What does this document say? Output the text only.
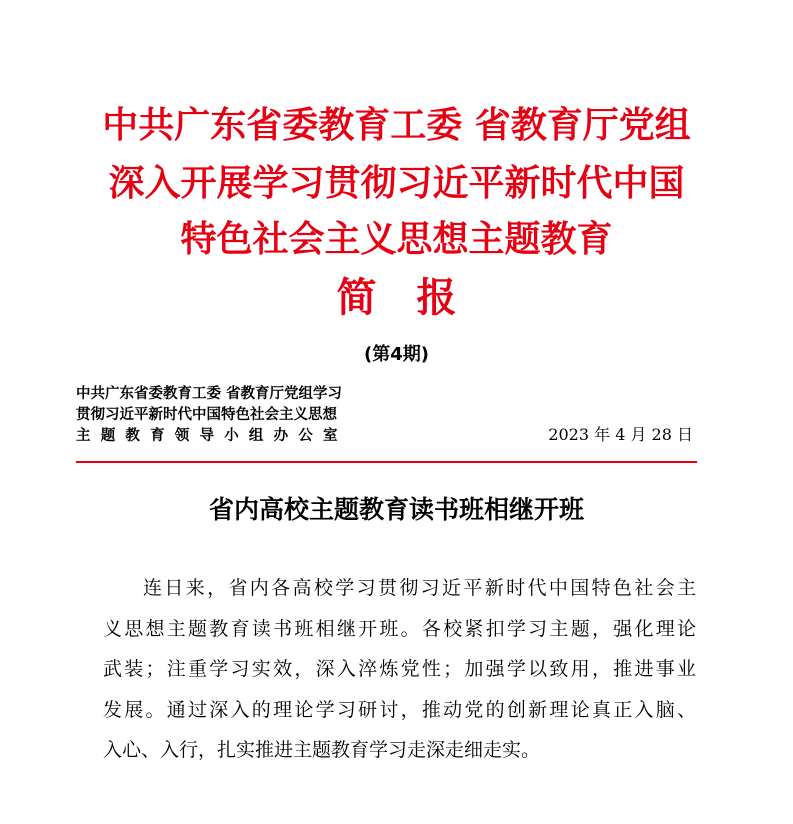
中共广东省委教育工委 省教育厅党组
深入开展学习贯彻习近平新时代中国
特色社会主义思想主题教育
简报
(第4期)
中共广东省委教育工委 省教育厅党组学习
贯彻习近平新时代中国特色社会主义思想
主题教育领导小组办公室	2023 年 4 月 28 日
省内高校主题教育读书班相继开班
连日来，省内各高校学习贯彻习近平新时代中国特色社会主
义思想主题教育读书班相继开班。各校紧扣学习主题，强化理论
武装；注重学习实效，深入淬炼党性；加强学以致用，推进事业
发展。通过深入的理论学习研讨，推动党的创新理论真正入脑、
入心、入行，扎实推进主题教育学习走深走细走实。
